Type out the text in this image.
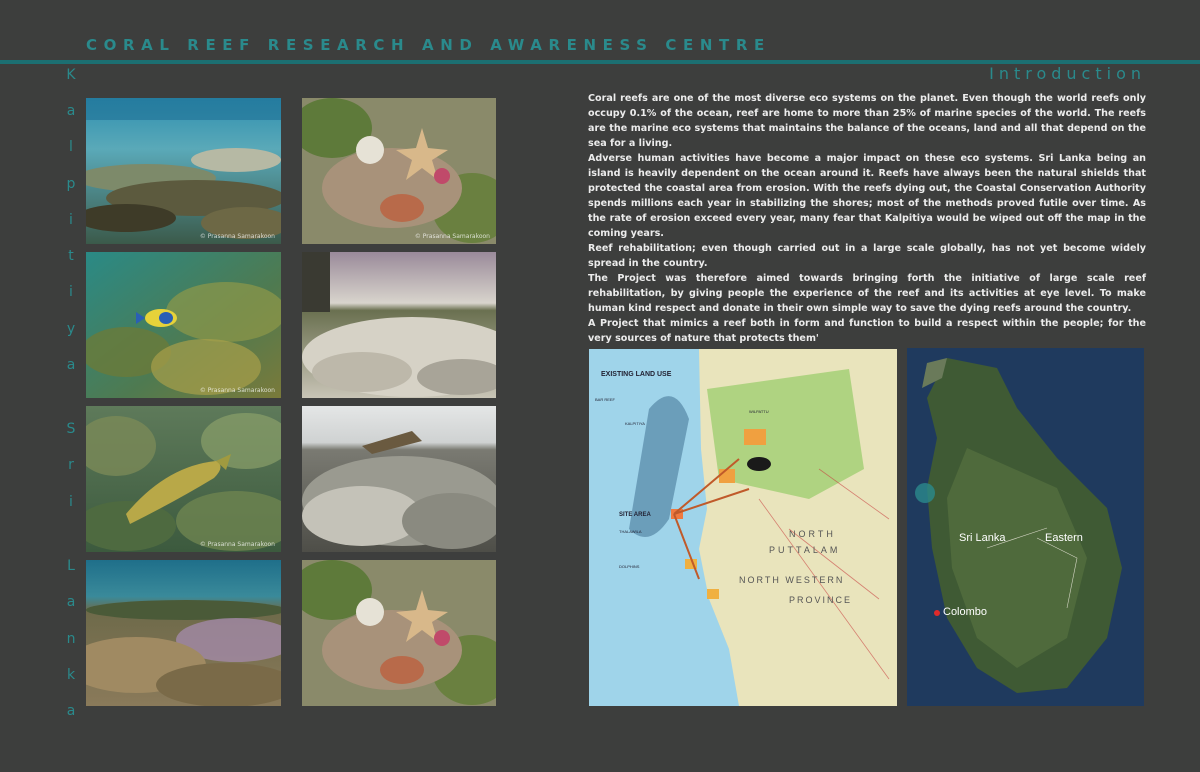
CORAL REEF RESEARCH AND AWARENESS CENTRE
K
a
l
p
i
t
i
y
a
S
r
i
L
a
n
k
a
Introduction

Coral reefs are one of the most diverse eco systems on the planet. Even though the world reefs only occupy 0.1% of the ocean, reef are home to more than 25% of marine species of the world. The reefs are the marine eco systems that maintains the balance of the oceans, land and all that depend on the sea for a living.

Adverse human activities have become a major impact on these eco systems. Sri Lanka being an island is heavily dependent on the ocean around it. Reefs have always been the natural shields that protected the coastal area from erosion. With the reefs dying out, the Coastal Conservation Authority spends millions each year in stabilizing the shores; most of the methods proved futile over time. As the rate of erosion exceed every year, many fear that Kalpitiya would be wiped out off the map in the coming years.

Reef rehabilitation; even though carried out in a large scale globally, has not yet become widely spread in the country.

The Project was therefore aimed towards bringing forth the initiative of large scale reef rehabilitation, by giving people the experience of the reef and its activities at eye level. To make human kind respect and donate in their own simple way to save the dying reefs around the country.

A Project that mimics a reef both in form and function to build a respect within the people; for the very sources of nature that protects them'

© Prasanna Samarakoon
© Prasanna Samarakoon
© Prasanna Samarakoon
© Prasanna Samarakoon
EXISTING LAND USE
SITE AREA
BAR REEF
KALPITIYA
THALAWILA
DOLPHINS
WILPATTU
NORTH
PUTTALAM
NORTH WESTERN
PROVINCE
Sri Lanka	Eastern
Colombo
